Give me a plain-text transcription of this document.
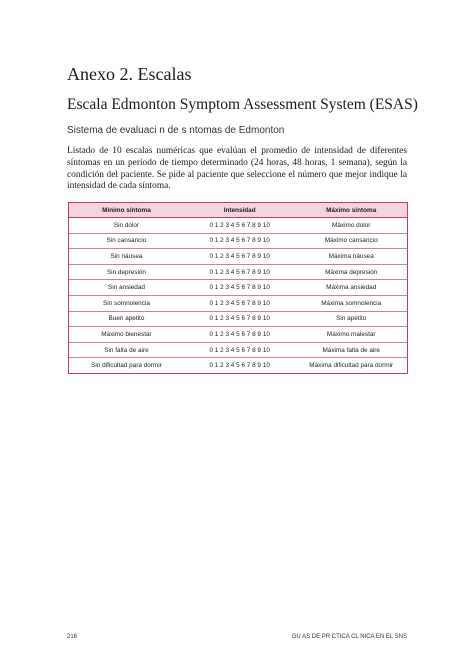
Anexo 2. Escalas
Escala Edmonton Symptom Assessment System (ESAS)

Sistema de evaluaci n de s ntomas de Edmonton

Listado de 10 escalas numéricas que evalúan el promedio de intensidad de diferentes síntomas en un período de tiempo determinado (24 horas, 48 horas, 1 semana), según la condición del paciente. Se pide al paciente que seleccione el número que mejor indique la intensidad de cada síntoma.

Mínimo síntoma	Intensidad	Máximo síntoma
Sin dolor	0 1 2 3 4 5 6 7 8 9 10	Máximo dolor
Sin cansancio	0 1 2 3 4 5 6 7 8 9 10	Máximo cansancio
Sin náusea	0 1 2 3 4 5 6 7 8 9 10	Máxima náusea
Sin depresión	0 1 2 3 4 5 6 7 8 9 10	Máxima depresión
Sin ansiedad	0 1 2 3 4 5 6 7 8 9 10	Máxima ansiedad
Sin somnolencia	0 1 2 3 4 5 6 7 8 9 10	Máxima somnolencia
Buen apetito	0 1 2 3 4 5 6 7 8 9 10	Sin apetito
Máximo bienestar	0 1 2 3 4 5 6 7 8 9 10	Máximo malestar
Sin falta de aire	0 1 2 3 4 5 6 7 8 9 10	Máxima falta de aire
Sin dificultad para dormir	0 1 2 3 4 5 6 7 8 9 10	Máxima dificultad para dormir
216	GU AS DE PR CTICA CL NICA EN EL SNS
